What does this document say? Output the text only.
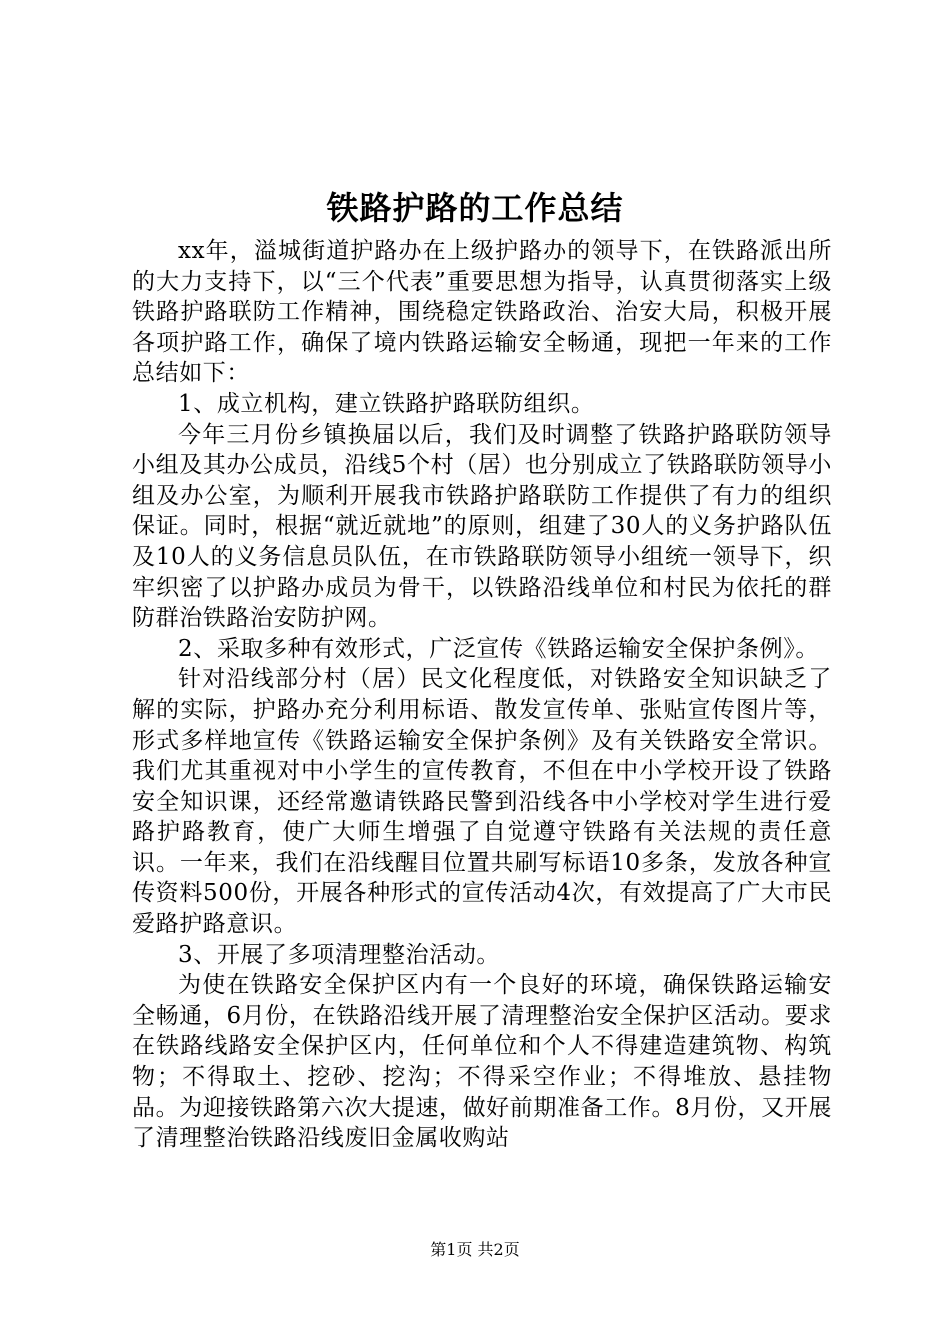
铁路护路的工作总结

xx年，溢城街道护路办在上级护路办的领导下，在铁路派出所的大力支持下，以“三个代表”重要思想为指导，认真贯彻落实上级铁路护路联防工作精神，围绕稳定铁路政治、治安大局，积极开展各项护路工作，确保了境内铁路运输安全畅通，现把一年来的工作总结如下：

1、成立机构，建立铁路护路联防组织。

今年三月份乡镇换届以后，我们及时调整了铁路护路联防领导小组及其办公成员，沿线5个村（居）也分别成立了铁路联防领导小组及办公室，为顺利开展我市铁路护路联防工作提供了有力的组织保证。同时，根据“就近就地”的原则，组建了30人的义务护路队伍及10人的义务信息员队伍，在市铁路联防领导小组统一领导下，织牢织密了以护路办成员为骨干，以铁路沿线单位和村民为依托的群防群治铁路治安防护网。

2、采取多种有效形式，广泛宣传《铁路运输安全保护条例》。

针对沿线部分村（居）民文化程度低，对铁路安全知识缺乏了解的实际，护路办充分利用标语、散发宣传单、张贴宣传图片等，形式多样地宣传《铁路运输安全保护条例》及有关铁路安全常识。我们尤其重视对中小学生的宣传教育，不但在中小学校开设了铁路安全知识课，还经常邀请铁路民警到沿线各中小学校对学生进行爱路护路教育，使广大师生增强了自觉遵守铁路有关法规的责任意识。一年来，我们在沿线醒目位置共刷写标语10多条，发放各种宣传资料500份，开展各种形式的宣传活动4次，有效提高了广大市民爱路护路意识。

3、开展了多项清理整治活动。

为使在铁路安全保护区内有一个良好的环境，确保铁路运输安全畅通，6月份，在铁路沿线开展了清理整治安全保护区活动。要求在铁路线路安全保护区内，任何单位和个人不得建造建筑物、构筑物；不得取土、挖砂、挖沟；不得采空作业；不得堆放、悬挂物品。为迎接铁路第六次大提速，做好前期准备工作。8月份，又开展了清理整治铁路沿线废旧金属收购站

第1页 共2页
